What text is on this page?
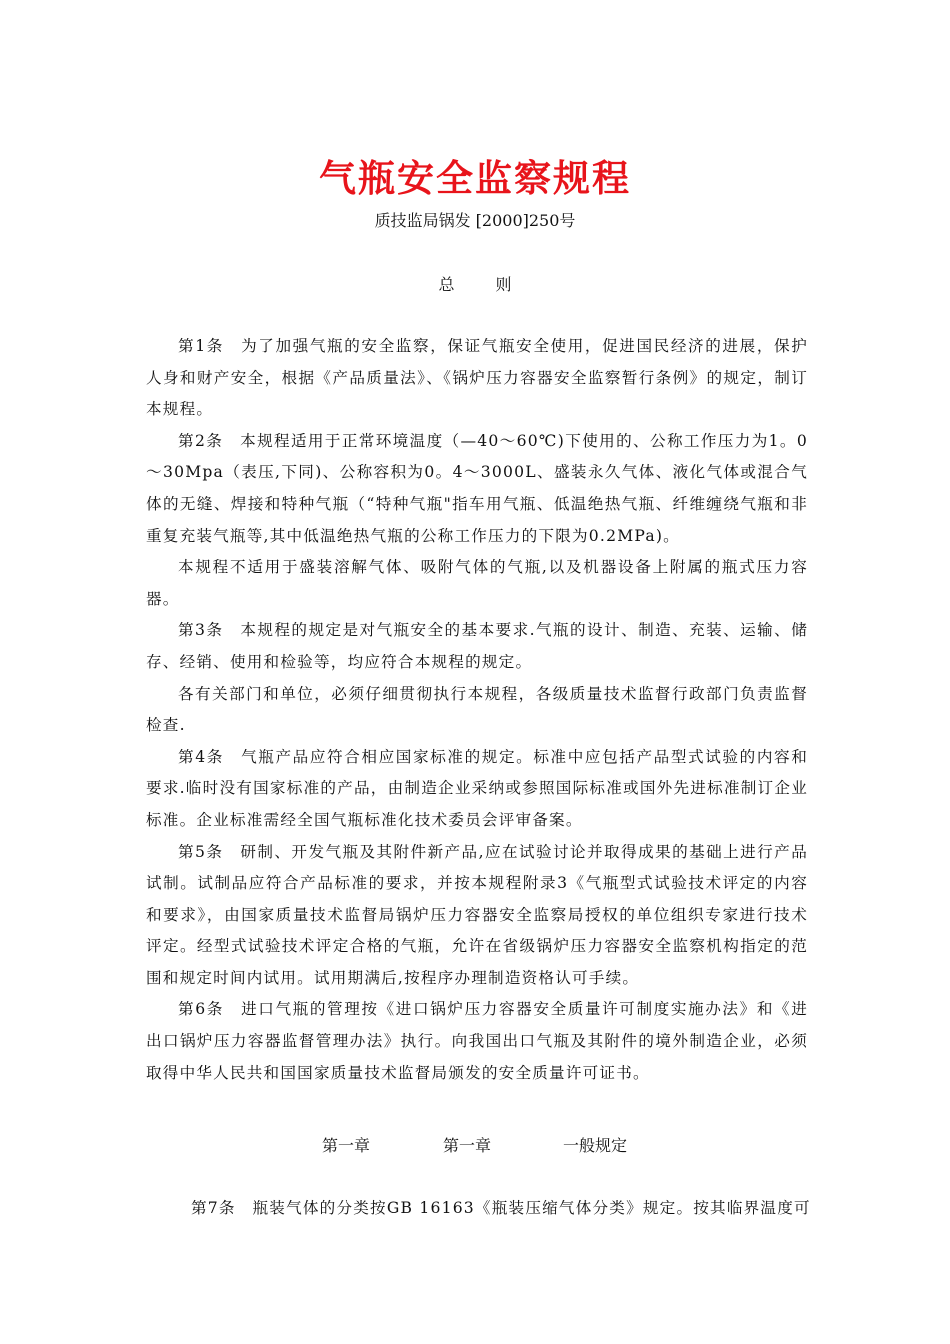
气瓶安全监察规程
质技监局锅发 [2000]250号
总 则

第1条　为了加强气瓶的安全监察，保证气瓶安全使用，促进国民经济的进展，保护人身和财产安全，根据《产品质量法》、《锅炉压力容器安全监察暂行条例》的规定，制订本规程。

第2条　本规程适用于正常环境温度（—40～60℃)下使用的、公称工作压力为1。0～30Mpa（表压,下同)、公称容积为0。4～3000L、盛装永久气体、液化气体或混合气体的无缝、焊接和特种气瓶（“特种气瓶"指车用气瓶、低温绝热气瓶、纤维缠绕气瓶和非重复充装气瓶等,其中低温绝热气瓶的公称工作压力的下限为0.2MPa)。

本规程不适用于盛装溶解气体、吸附气体的气瓶,以及机器设备上附属的瓶式压力容器。

第3条　本规程的规定是对气瓶安全的基本要求.气瓶的设计、制造、充装、运输、储存、经销、使用和检验等，均应符合本规程的规定。

各有关部门和单位，必须仔细贯彻执行本规程，各级质量技术监督行政部门负责监督检查.

第4条　气瓶产品应符合相应国家标准的规定。标准中应包括产品型式试验的内容和要求.临时没有国家标准的产品，由制造企业采纳或参照国际标准或国外先进标准制订企业标准。企业标准需经全国气瓶标准化技术委员会评审备案。

第5条　研制、开发气瓶及其附件新产品,应在试验讨论并取得成果的基础上进行产品试制。试制品应符合产品标准的要求，并按本规程附录3《气瓶型式试验技术评定的内容和要求》，由国家质量技术监督局锅炉压力容器安全监察局授权的单位组织专家进行技术评定。经型式试验技术评定合格的气瓶，允许在省级锅炉压力容器安全监察机构指定的范围和规定时间内试用。试用期满后,按程序办理制造资格认可手续。

第6条　进口气瓶的管理按《进口锅炉压力容器安全质量许可制度实施办法》和《进出口锅炉压力容器监督管理办法》执行。向我国出口气瓶及其附件的境外制造企业，必须取得中华人民共和国国家质量技术监督局颁发的安全质量许可证书。

第一章	第一章	一般规定
第7条　瓶装气体的分类按GB 16163《瓶装压缩气体分类》规定。按其临界温度可
